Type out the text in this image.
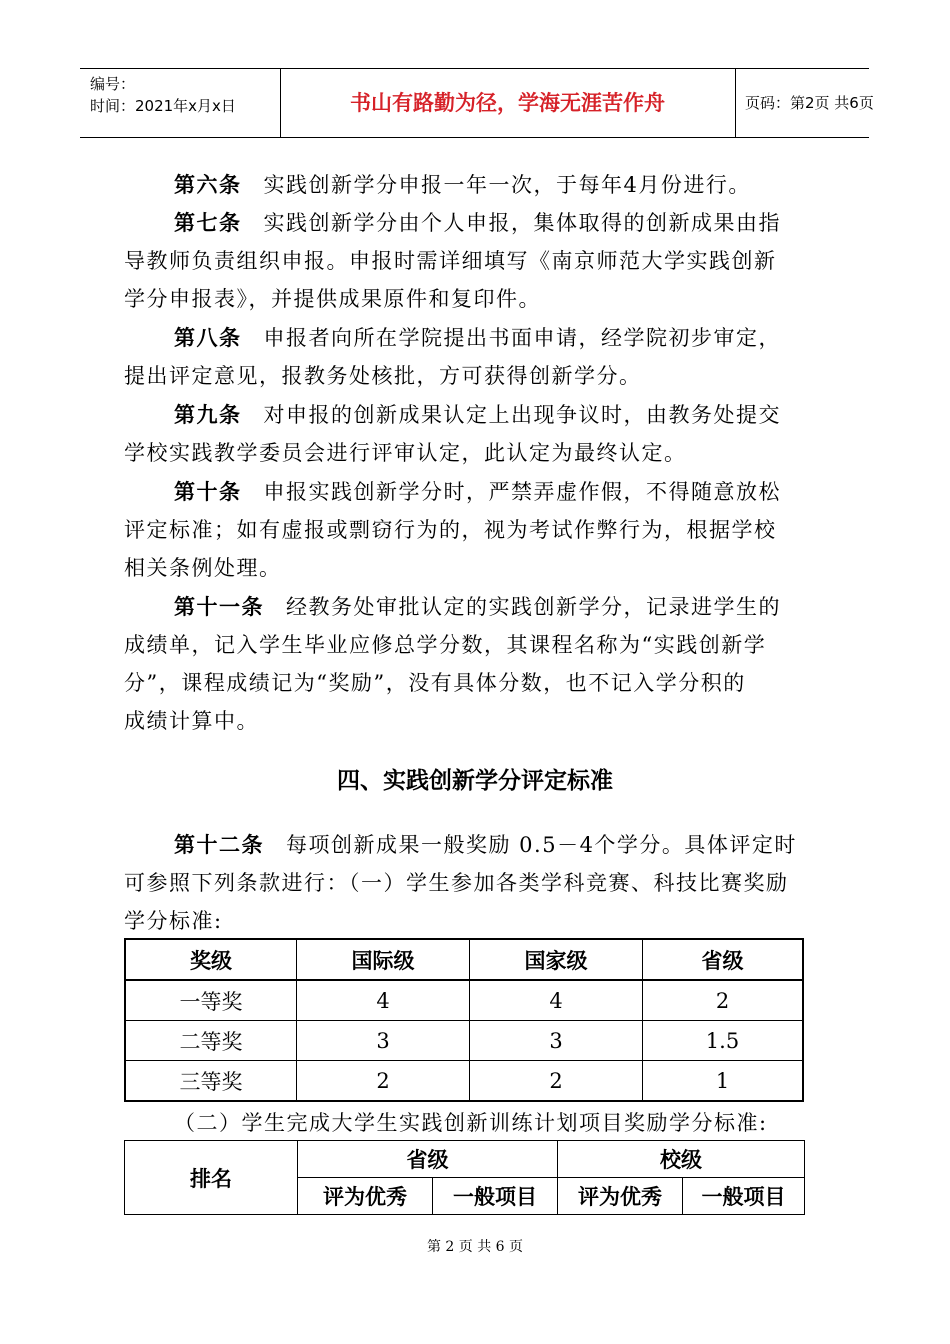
编号：
时间：2021年x月x日	书山有路勤为径，学海无涯苦作舟	页码：第2页 共6页
第六条 实践创新学分申报一年一次，于每年4月份进行。
第七条 实践创新学分由个人申报，集体取得的创新成果由指
导教师负责组织申报。申报时需详细填写《南京师范大学实践创新
学分申报表》，并提供成果原件和复印件。
第八条 申报者向所在学院提出书面申请，经学院初步审定，
提出评定意见，报教务处核批，方可获得创新学分。
第九条 对申报的创新成果认定上出现争议时，由教务处提交
学校实践教学委员会进行评审认定，此认定为最终认定。
第十条 申报实践创新学分时，严禁弄虚作假，不得随意放松
评定标准；如有虚报或剽窃行为的，视为考试作弊行为，根据学校
相关条例处理。
第十一条 经教务处审批认定的实践创新学分，记录进学生的
成绩单，记入学生毕业应修总学分数，其课程名称为“实践创新学
分”，课程成绩记为“奖励”，没有具体分数，也不记入学分积的
成绩计算中。
四、实践创新学分评定标准
第十二条 每项创新成果一般奖励 0.5－4个学分。具体评定时
可参照下列条款进行：（一）学生参加各类学科竞赛、科技比赛奖励
学分标准:
奖级	国际级	国家级	省级
一等奖	4	4	2
二等奖	3	3	1.5
三等奖	2	2	1
（二）学生完成大学生实践创新训练计划项目奖励学分标准:
排名	省级		校级	
	评为优秀	一般项目	评为优秀	一般项目
第 2 页 共 6 页
